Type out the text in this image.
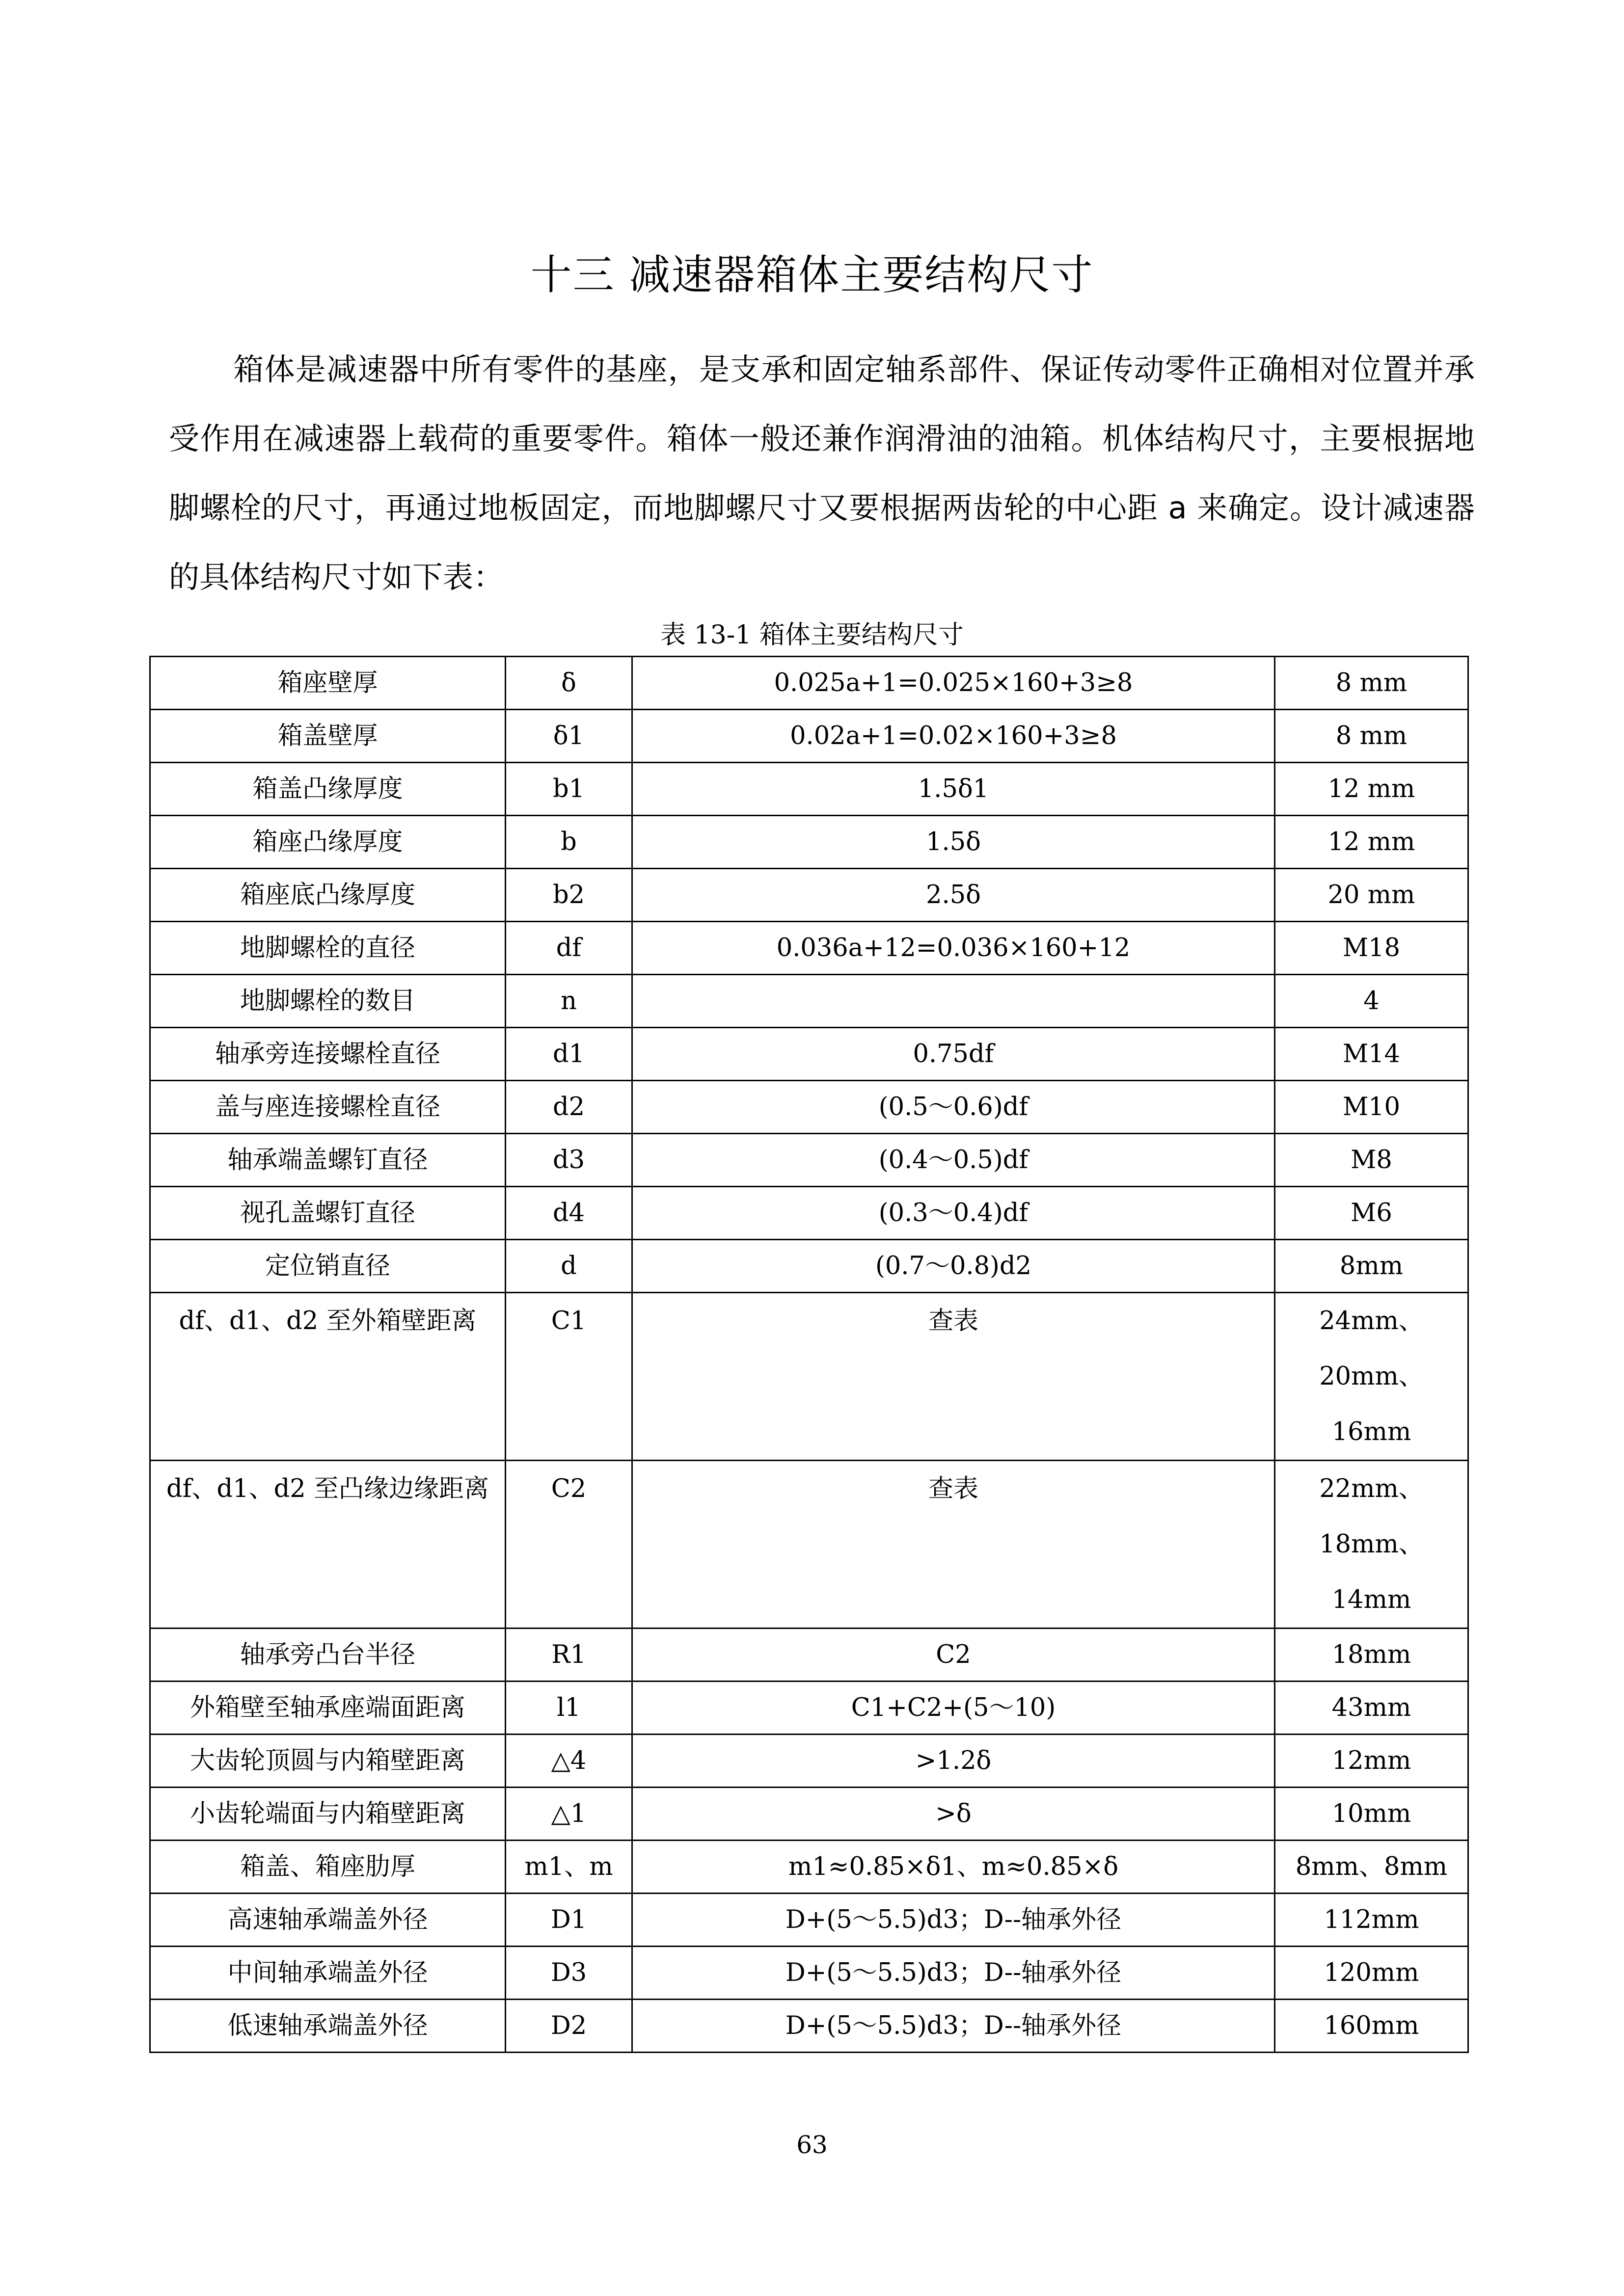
十三 减速器箱体主要结构尺寸
箱体是减速器中所有零件的基座，是支承和固定轴系部件、保证传动零件正确相对位置并承受作用在减速器上载荷的重要零件。箱体一般还兼作润滑油的油箱。机体结构尺寸，主要根据地脚螺栓的尺寸，再通过地板固定，而地脚螺尺寸又要根据两齿轮的中心距 a 来确定。设计减速器的具体结构尺寸如下表：
表 13-1 箱体主要结构尺寸
箱座壁厚	δ	0.025a+1=0.025×160+3≥8	8 mm
箱盖壁厚	δ1	0.02a+1=0.02×160+3≥8	8 mm
箱盖凸缘厚度	b1	1.5δ1	12 mm
箱座凸缘厚度	b	1.5δ	12 mm
箱座底凸缘厚度	b2	2.5δ	20 mm
地脚螺栓的直径	df	0.036a+12=0.036×160+12	M18
地脚螺栓的数目	n		4
轴承旁连接螺栓直径	d1	0.75df	M14
盖与座连接螺栓直径	d2	(0.5～0.6)df	M10
轴承端盖螺钉直径	d3	(0.4～0.5)df	M8
视孔盖螺钉直径	d4	(0.3～0.4)df	M6
定位销直径	d	(0.7～0.8)d2	8mm
df、d1、d2 至外箱壁距离	C1	查表	24mm、20mm、16mm
df、d1、d2 至凸缘边缘距离	C2	查表	22mm、18mm、14mm
轴承旁凸台半径	R1	C2	18mm
外箱壁至轴承座端面距离	l1	C1+C2+(5～10)	43mm
大齿轮顶圆与内箱壁距离	△4	>1.2δ	12mm
小齿轮端面与内箱壁距离	△1	>δ	10mm
箱盖、箱座肋厚	m1、m	m1≈0.85×δ1、m≈0.85×δ	8mm、8mm
高速轴承端盖外径	D1	D+(5～5.5)d3；D--轴承外径	112mm
中间轴承端盖外径	D3	D+(5～5.5)d3；D--轴承外径	120mm
低速轴承端盖外径	D2	D+(5～5.5)d3；D--轴承外径	160mm
63
